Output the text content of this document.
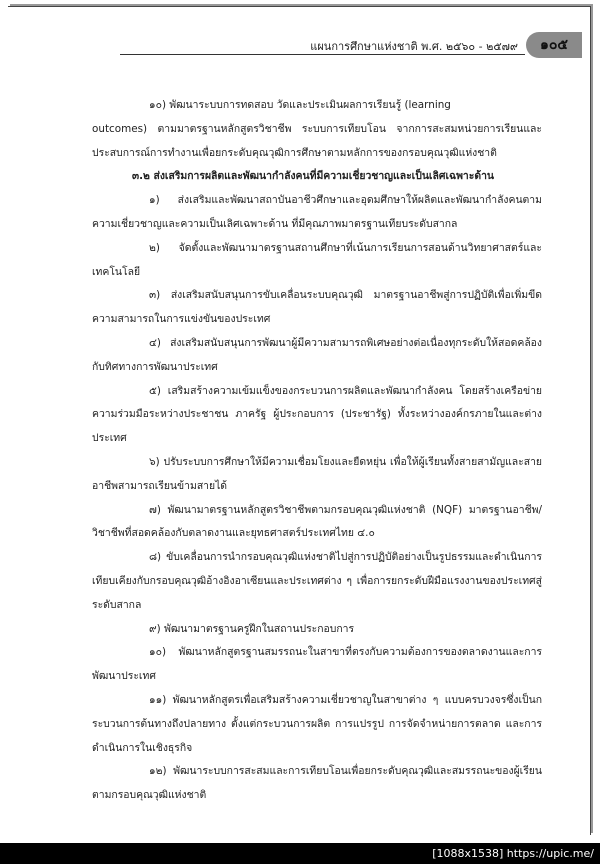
แผนการศึกษาแห่งชาติ พ.ศ. ๒๕๖๐ - ๒๕๗๙ ๑๐๕

๑๐) พัฒนาระบบการทดสอบ วัดและประเมินผลการเรียนรู้ (learning

outcomes) ตามมาตรฐานหลักสูตรวิชาชีพ ระบบการเทียบโอน จากการสะสมหน่วยการเรียนและประสบการณ์การทำงานเพื่อยกระดับคุณวุฒิการศึกษาตามหลักการของกรอบคุณวุฒิแห่งชาติ

๓.๒ ส่งเสริมการผลิตและพัฒนากำลังคนที่มีความเชี่ยวชาญและเป็นเลิศเฉพาะด้าน

๑) ส่งเสริมและพัฒนาสถาบันอาชีวศึกษาและอุดมศึกษาให้ผลิตและพัฒนากำลังคนตามความเชี่ยวชาญและความเป็นเลิศเฉพาะด้าน ที่มีคุณภาพมาตรฐานเทียบระดับสากล

๒) จัดตั้งและพัฒนามาตรฐานสถานศึกษาที่เน้นการเรียนการสอนด้านวิทยาศาสตร์และเทคโนโลยี

๓) ส่งเสริมสนับสนุนการขับเคลื่อนระบบคุณวุฒิ มาตรฐานอาชีพสู่การปฏิบัติเพื่อเพิ่มขีดความสามารถในการแข่งขันของประเทศ

๔) ส่งเสริมสนับสนุนการพัฒนาผู้มีความสามารถพิเศษอย่างต่อเนื่องทุกระดับให้สอดคล้องกับทิศทางการพัฒนาประเทศ

๕) เสริมสร้างความเข้มแข็งของกระบวนการผลิตและพัฒนากำลังคน โดยสร้างเครือข่ายความร่วมมือระหว่างประชาชน ภาครัฐ ผู้ประกอบการ (ประชารัฐ) ทั้งระหว่างองค์กรภายในและต่างประเทศ

๖) ปรับระบบการศึกษาให้มีความเชื่อมโยงและยืดหยุ่น เพื่อให้ผู้เรียนทั้งสายสามัญและสายอาชีพสามารถเรียนข้ามสายได้

๗) พัฒนามาตรฐานหลักสูตรวิชาชีพตามกรอบคุณวุฒิแห่งชาติ (NQF) มาตรฐานอาชีพ/วิชาชีพที่สอดคล้องกับตลาดงานและยุทธศาสตร์ประเทศไทย ๔.๐

๘) ขับเคลื่อนการนำกรอบคุณวุฒิแห่งชาติไปสู่การปฏิบัติอย่างเป็นรูปธรรมและดำเนินการเทียบเคียงกับกรอบคุณวุฒิอ้างอิงอาเซียนและประเทศต่าง ๆ เพื่อการยกระดับฝีมือแรงงานของประเทศสู่ระดับสากล

๙) พัฒนามาตรฐานครูฝึกในสถานประกอบการ

๑๐) พัฒนาหลักสูตรฐานสมรรถนะในสาขาที่ตรงกับความต้องการของตลาดงานและการพัฒนาประเทศ

๑๑) พัฒนาหลักสูตรเพื่อเสริมสร้างความเชี่ยวชาญในสาขาต่าง ๆ แบบครบวงจรซึ่งเป็นกระบวนการต้นทางถึงปลายทาง ตั้งแต่กระบวนการผลิต การแปรรูป การจัดจำหน่ายการตลาด และการดำเนินการในเชิงธุรกิจ

๑๒) พัฒนาระบบการสะสมและการเทียบโอนเพื่อยกระดับคุณวุฒิและสมรรถนะของผู้เรียนตามกรอบคุณวุฒิแห่งชาติ

[1088x1538] https://upic.me/
